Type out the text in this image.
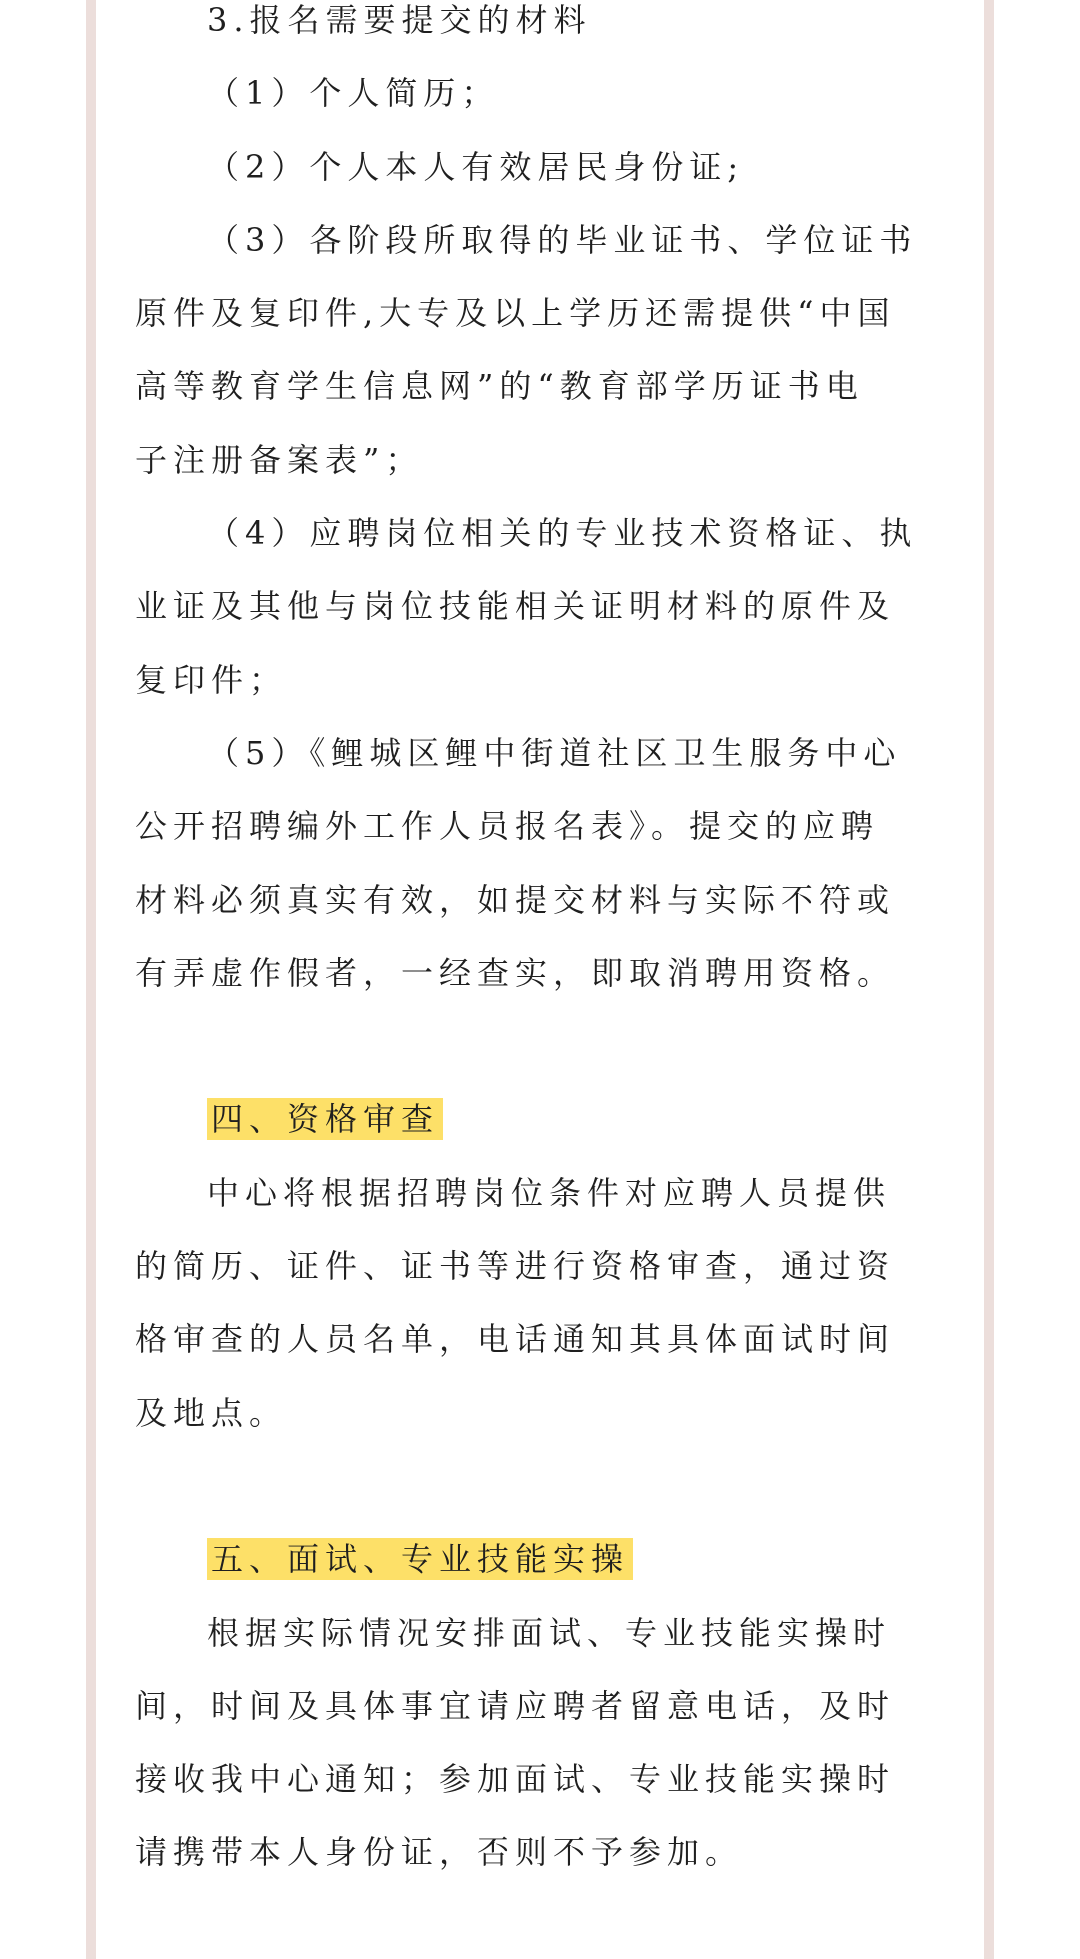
3.报名需要提交的材料
（1）个人简历；
（2）个人本人有效居民身份证;
（3）各阶段所取得的毕业证书、学位证书
原件及复印件,大专及以上学历还需提供“中国
高等教育学生信息网”的“教育部学历证书电
子注册备案表”；
（4）应聘岗位相关的专业技术资格证、执
业证及其他与岗位技能相关证明材料的原件及
复印件；
（5）《鲤城区鲤中街道社区卫生服务中心
公开招聘编外工作人员报名表》。提交的应聘
材料必须真实有效，如提交材料与实际不符或
有弄虚作假者，一经查实，即取消聘用资格。
四、资格审查
中心将根据招聘岗位条件对应聘人员提供
的简历、证件、证书等进行资格审查，通过资
格审查的人员名单，电话通知其具体面试时间
及地点。
五、面试、专业技能实操
根据实际情况安排面试、专业技能实操时
间，时间及具体事宜请应聘者留意电话，及时
接收我中心通知；参加面试、专业技能实操时
请携带本人身份证，否则不予参加。
